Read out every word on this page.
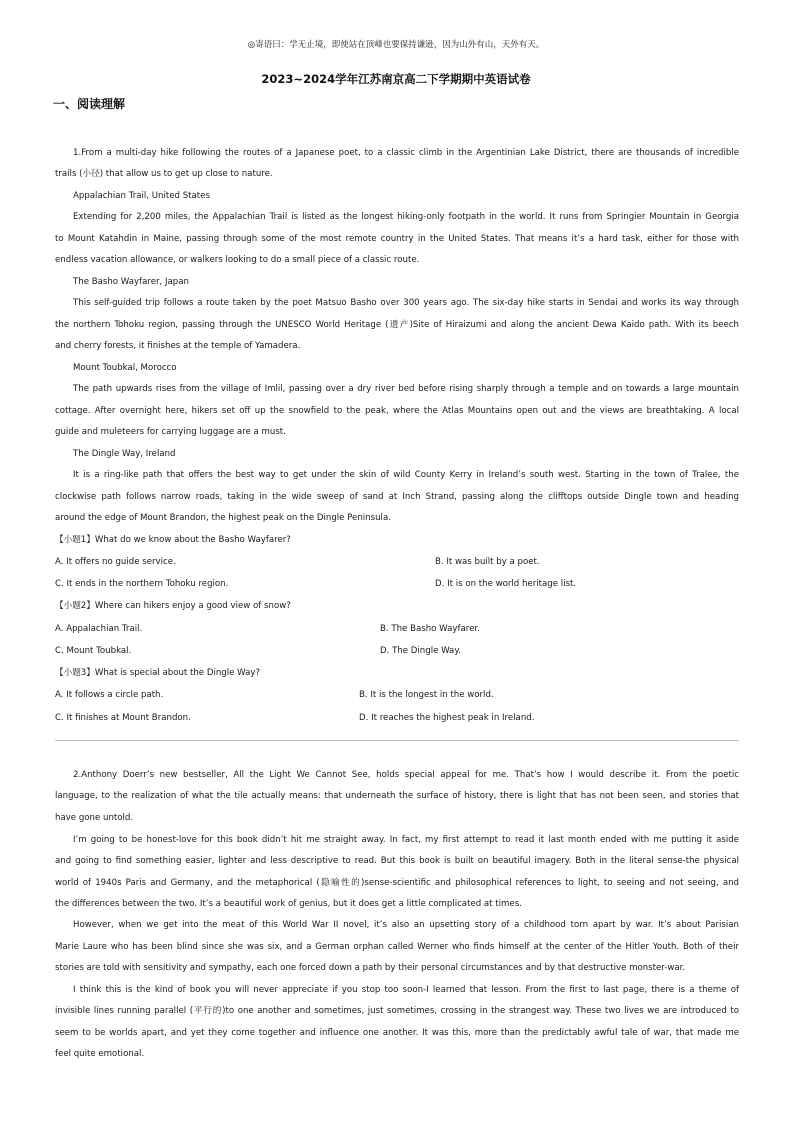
◎寄语曰：学无止境，即使站在顶峰也要保持谦逊，因为山外有山，天外有天。
2023~2024学年江苏南京高二下学期期中英语试卷
一、阅读理解
1.From a multi-day hike following the routes of a Japanese poet, to a classic climb in the Argentinian Lake District, there are thousands of incredible
trails (小径) that allow us to get up close to nature.
Appalachian Trail, United States
Extending for 2,200 miles, the Appalachian Trail is listed as the longest hiking-only footpath in the world. It runs from Springier Mountain in Georgia
to Mount Katahdin in Maine, passing through some of the most remote country in the United States. That means it’s a hard task, either for those with
endless vacation allowance, or walkers looking to do a small piece of a classic route.
The Basho Wayfarer, Japan
This self-guided trip follows a route taken by the poet Matsuo Basho over 300 years ago. The six-day hike starts in Sendai and works its way through
the northern Tohoku region, passing through the UNESCO World Heritage (遗产)Site of Hiraizumi and along the ancient Dewa Kaido path. With its beech
and cherry forests, it finishes at the temple of Yamadera.
Mount Toubkal, Morocco
The path upwards rises from the village of Imlil, passing over a dry river bed before rising sharply through a temple and on towards a large mountain
cottage. After overnight here, hikers set off up the snowfield to the peak, where the Atlas Mountains open out and the views are breathtaking. A local
guide and muleteers for carrying luggage are a must.
The Dingle Way, Ireland
It is a ring-like path that offers the best way to get under the skin of wild County Kerry in Ireland’s south west. Starting in the town of Tralee, the
clockwise path follows narrow roads, taking in the wide sweep of sand at Inch Strand, passing along the clifftops outside Dingle town and heading
around the edge of Mount Brandon, the highest peak on the Dingle Peninsula.
【小题1】What do we know about the Basho Wayfarer?
A. It offers no guide service.	B. It was built by a poet.
C. It ends in the northern Tohoku region.	D. It is on the world heritage list.
【小题2】Where can hikers enjoy a good view of snow?
A. Appalachian Trail.	B. The Basho Wayfarer.
C. Mount Toubkal.	D. The Dingle Way.
【小题3】What is special about the Dingle Way?
A. It follows a circle path.	B. It is the longest in the world.
C. It finishes at Mount Brandon.	D. It reaches the highest peak in Ireland.
2.Anthony Doerr’s new bestseller, All the Light We Cannot See, holds special appeal for me. That’s how I would describe it. From the poetic
language, to the realization of what the tile actually means: that underneath the surface of history, there is light that has not been seen, and stories that
have gone untold.
I’m going to be honest-love for this book didn’t hit me straight away. In fact, my first attempt to read it last month ended with me putting it aside
and going to find something easier, lighter and less descriptive to read. But this book is built on beautiful imagery. Both in the literal sense-the physical
world of 1940s Paris and Germany, and the metaphorical (隐喻性的)sense-scientific and philosophical references to light, to seeing and not seeing, and
the differences between the two. It’s a beautiful work of genius, but it does get a little complicated at times.
However, when we get into the meat of this World War II novel, it’s also an upsetting story of a childhood torn apart by war. It’s about Parisian
Marie Laure who has been blind since she was six, and a German orphan called Werner who finds himself at the center of the Hitler Youth. Both of their
stories are told with sensitivity and sympathy, each one forced down a path by their personal circumstances and by that destructive monster-war.
I think this is the kind of book you will never appreciate if you stop too soon-I learned that lesson. From the first to last page, there is a theme of
invisible lines running parallel (平行的)to one another and sometimes, just sometimes, crossing in the strangest way. These two lives we are introduced to
seem to be worlds apart, and yet they come together and influence one another. It was this, more than the predictably awful tale of war, that made me
feel quite emotional.
